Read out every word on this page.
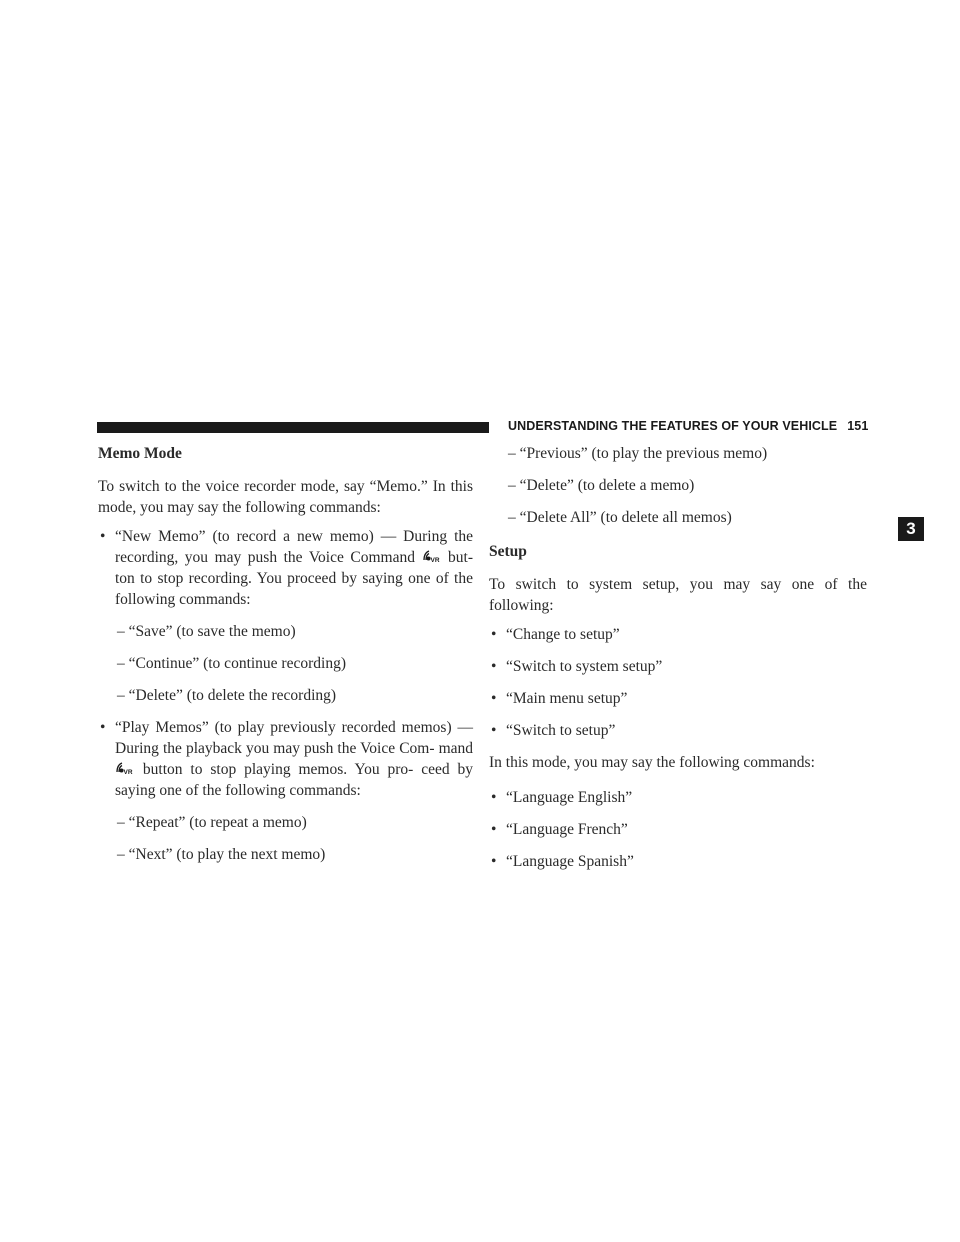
UNDERSTANDING THE FEATURES OF YOUR VEHICLE 151
3
Memo Mode
To switch to the voice recorder mode, say “Memo.” In this mode, you may say the following commands:
• “New Memo” (to record a new memo) — During the recording, you may push the Voice Command VR but- ton to stop recording. You proceed by saying one of the following commands:
– “Save” (to save the memo)
– “Continue” (to continue recording)
– “Delete” (to delete the recording)
• “Play Memos” (to play previously recorded memos) — During the playback you may push the Voice Com- mand
VR button to stop playing memos. You pro- ceed by saying one of the following commands:
– “Repeat” (to repeat a memo)
– “Next” (to play the next memo)
– “Previous” (to play the previous memo)
– “Delete” (to delete a memo)
– “Delete All” (to delete all memos)
Setup
To switch to system setup, you may say one of the following:
• “Change to setup”
• “Switch to system setup”
• “Main menu setup”
• “Switch to setup”
In this mode, you may say the following commands:
• “Language English”
• “Language French”
• “Language Spanish”
